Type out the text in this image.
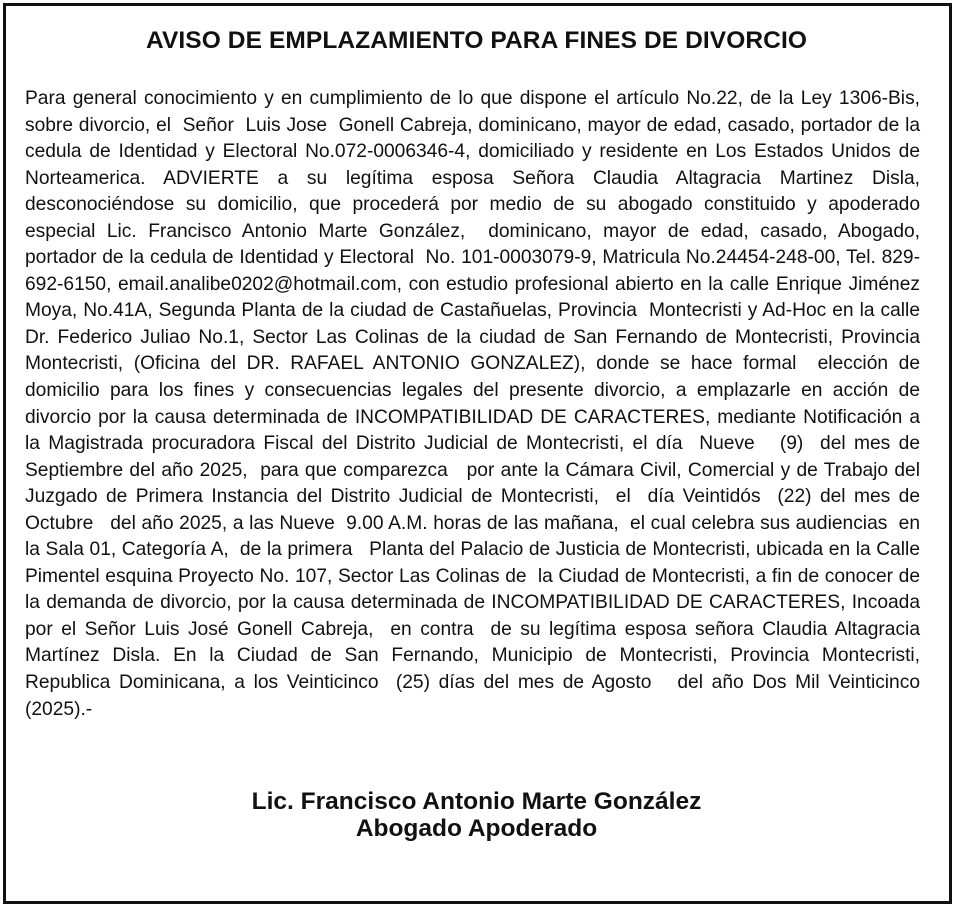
AVISO DE EMPLAZAMIENTO PARA FINES DE DIVORCIO

Para general conocimiento y en cumplimiento de lo que dispone el artículo No.22, de la Ley 1306-Bis, sobre divorcio, el  Señor  Luis Jose  Gonell Cabreja, dominicano, mayor de edad, casado, portador de la cedula de Identidad y Electoral No.072-0006346-4, domiciliado y residente en Los Estados Unidos de Norteamerica. ADVIERTE a su legítima esposa Señora Claudia Altagracia Martinez Disla, desconociéndose su domicilio, que procederá por medio de su abogado constituido y apoderado especial Lic. Francisco Antonio Marte González,  dominicano, mayor de edad, casado, Abogado,  portador de la cedula de Identidad y Electoral  No. 101-0003079-9, Matricula No.24454-248-00, Tel. 829-692-6150, email.analibe0202@hotmail.com, con estudio profesional abierto en la calle Enrique Jiménez Moya, No.41A, Segunda Planta de la ciudad de Castañuelas, Provincia  Montecristi y Ad-Hoc en la calle Dr. Federico Juliao No.1, Sector Las Colinas de la ciudad de San Fernando de Montecristi, Provincia Montecristi, (Oficina del DR. RAFAEL ANTONIO GONZALEZ), donde se hace formal  elección de domicilio para los fines y consecuencias legales del presente divorcio, a emplazarle en acción de divorcio por la causa determinada de INCOMPATIBILIDAD DE CARACTERES, mediante Notificación a la Magistrada procuradora Fiscal del Distrito Judicial de Montecristi, el día  Nueve   (9)  del mes de Septiembre del año 2025,  para que comparezca   por ante la Cámara Civil, Comercial y de Trabajo del Juzgado de Primera Instancia del Distrito Judicial de Montecristi,  el  día Veintidós  (22) del mes de Octubre   del año 2025, a las Nueve  9.00 A.M. horas de las mañana,  el cual celebra sus audiencias  en la Sala 01, Categoría A,  de la primera   Planta del Palacio de Justicia de Montecristi, ubicada en la Calle  Pimentel esquina Proyecto No. 107, Sector Las Colinas de  la Ciudad de Montecristi, a fin de conocer de la demanda de divorcio, por la causa determinada de INCOMPATIBILIDAD DE CARACTERES, Incoada  por el Señor Luis José Gonell Cabreja,  en contra  de su legítima esposa señora Claudia Altagracia Martínez Disla. En la Ciudad de San Fernando, Municipio de Montecristi, Provincia Montecristi, Republica Dominicana, a los Veinticinco  (25) días del mes de Agosto   del año Dos Mil Veinticinco   (2025).-

Lic. Francisco Antonio Marte González
Abogado Apoderado
